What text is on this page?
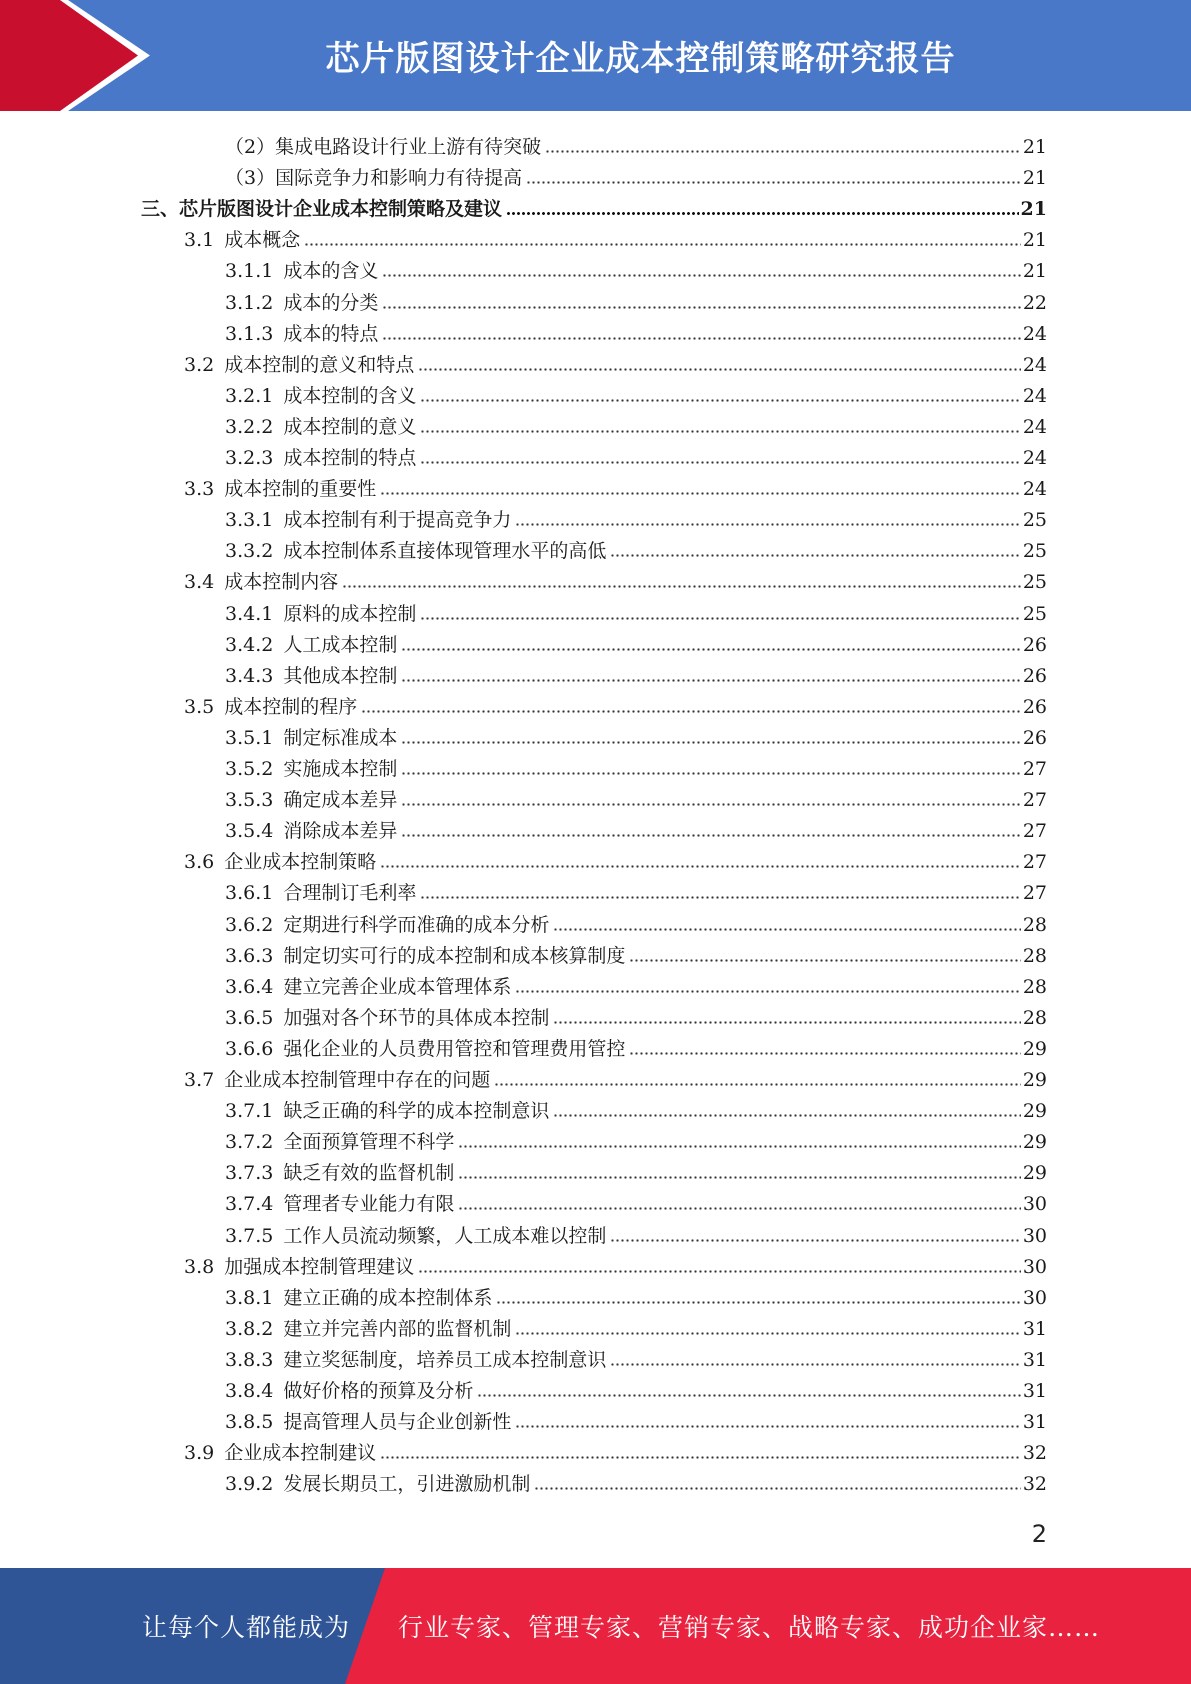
芯片版图设计企业成本控制策略研究报告
（2）集成电路设计行业上游有待突破	21
（3）国际竞争力和影响力有待提高	21
三、芯片版图设计企业成本控制策略及建议	21
3.1 成本概念	21
3.1.1 成本的含义	21
3.1.2 成本的分类	22
3.1.3 成本的特点	24
3.2 成本控制的意义和特点	24
3.2.1 成本控制的含义	24
3.2.2 成本控制的意义	24
3.2.3 成本控制的特点	24
3.3 成本控制的重要性	24
3.3.1 成本控制有利于提高竞争力	25
3.3.2 成本控制体系直接体现管理水平的高低	25
3.4 成本控制内容	25
3.4.1 原料的成本控制	25
3.4.2 人工成本控制	26
3.4.3 其他成本控制	26
3.5 成本控制的程序	26
3.5.1 制定标准成本	26
3.5.2 实施成本控制	27
3.5.3 确定成本差异	27
3.5.4 消除成本差异	27
3.6 企业成本控制策略	27
3.6.1 合理制订毛利率	27
3.6.2 定期进行科学而准确的成本分析	28
3.6.3 制定切实可行的成本控制和成本核算制度	28
3.6.4 建立完善企业成本管理体系	28
3.6.5 加强对各个环节的具体成本控制	28
3.6.6 强化企业的人员费用管控和管理费用管控	29
3.7 企业成本控制管理中存在的问题	29
3.7.1 缺乏正确的科学的成本控制意识	29
3.7.2 全面预算管理不科学	29
3.7.3 缺乏有效的监督机制	29
3.7.4 管理者专业能力有限	30
3.7.5 工作人员流动频繁，人工成本难以控制	30
3.8 加强成本控制管理建议	30
3.8.1 建立正确的成本控制体系	30
3.8.2 建立并完善内部的监督机制	31
3.8.3 建立奖惩制度，培养员工成本控制意识	31
3.8.4 做好价格的预算及分析	31
3.8.5 提高管理人员与企业创新性	31
3.9 企业成本控制建议	32
3.9.2 发展长期员工，引进激励机制	32
2
让每个人都能成为 行业专家、管理专家、营销专家、战略专家、成功企业家……
